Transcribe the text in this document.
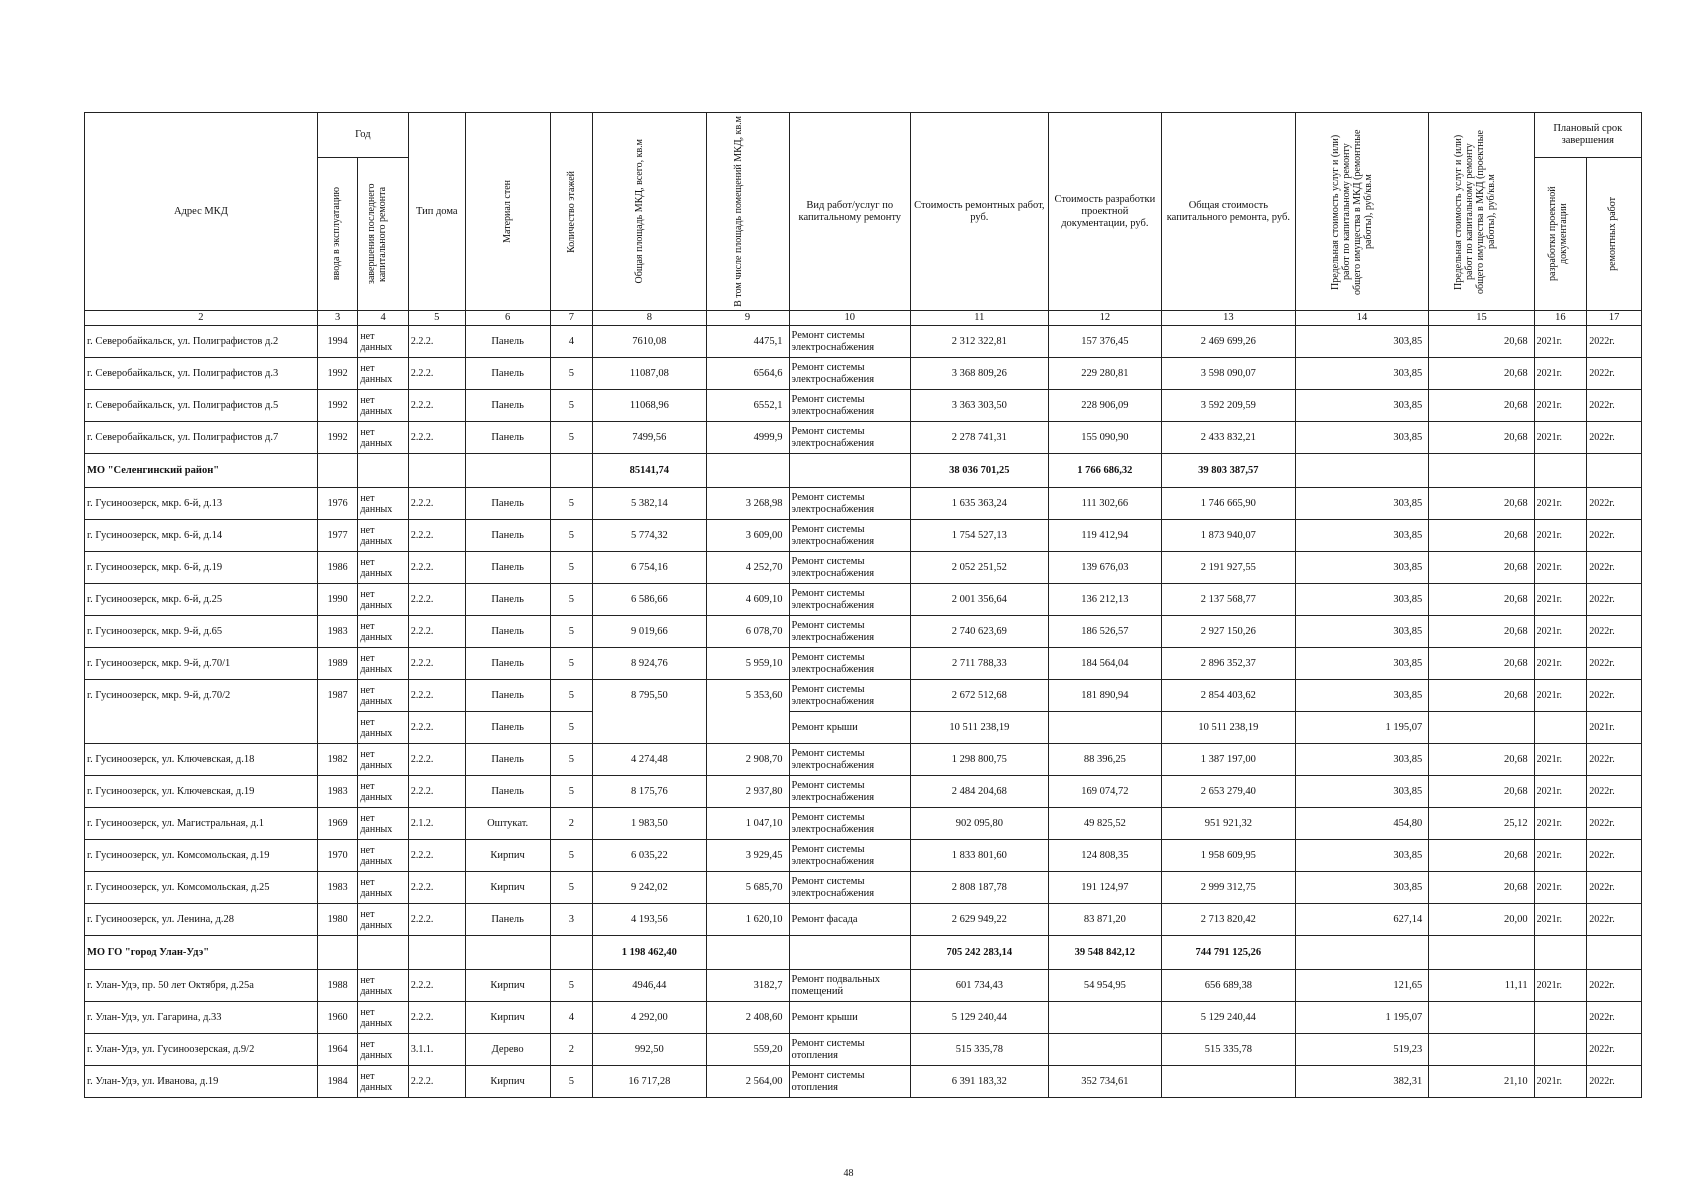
Адрес МКД	Год		Тип дома	Материал стен	Количество этажей	Общая площадь МКД, всего, кв.м	В том числе площадь помещений МКД, кв.м	Вид работ/услуг по капитальному ремонту	Стоимость ремонтных работ, руб.	Стоимость разработки проектной документации, руб.	Общая стоимость капитального ремонта, руб.	Предельная стоимость услуг и (или) работ по капитальному ремонту общего имущества в МКД (ремонтные работы), руб/кв.м	Предельная стоимость услуг и (или) работ по капитальному ремонту общего имущества в МКД (проектные работы), руб/кв.м	Плановый срок завершения	

	ввода в эксплуатацию	завершения последнего капитального ремонта												разработки проектной документации	ремонтных работ

2	3	4	5	6	7	8	9	10	11	12	13	14	15	16	17
г. Северобайкальск, ул. Полиграфистов д.2	1994	нет данных	2.2.2.	Панель	4	7610,08	4475,1	Ремонт системы электроснабжения	2 312 322,81	157 376,45	2 469 699,26	303,85	20,68	2021г.	2022г.
г. Северобайкальск, ул. Полиграфистов д.3	1992	нет данных	2.2.2.	Панель	5	11087,08	6564,6	Ремонт системы электроснабжения	3 368 809,26	229 280,81	3 598 090,07	303,85	20,68	2021г.	2022г.
г. Северобайкальск, ул. Полиграфистов д.5	1992	нет данных	2.2.2.	Панель	5	11068,96	6552,1	Ремонт системы электроснабжения	3 363 303,50	228 906,09	3 592 209,59	303,85	20,68	2021г.	2022г.
г. Северобайкальск, ул. Полиграфистов д.7	1992	нет данных	2.2.2.	Панель	5	7499,56	4999,9	Ремонт системы электроснабжения	2 278 741,31	155 090,90	2 433 832,21	303,85	20,68	2021г.	2022г.
МО "Селенгинский район"						85141,74			38 036 701,25	1 766 686,32	39 803 387,57				
г. Гусиноозерск, мкр. 6-й, д.13	1976	нет данных	2.2.2.	Панель	5	5 382,14	3 268,98	Ремонт системы электроснабжения	1 635 363,24	111 302,66	1 746 665,90	303,85	20,68	2021г.	2022г.
г. Гусиноозерск, мкр. 6-й, д.14	1977	нет данных	2.2.2.	Панель	5	5 774,32	3 609,00	Ремонт системы электроснабжения	1 754 527,13	119 412,94	1 873 940,07	303,85	20,68	2021г.	2022г.
г. Гусиноозерск, мкр. 6-й, д.19	1986	нет данных	2.2.2.	Панель	5	6 754,16	4 252,70	Ремонт системы электроснабжения	2 052 251,52	139 676,03	2 191 927,55	303,85	20,68	2021г.	2022г.
г. Гусиноозерск, мкр. 6-й, д.25	1990	нет данных	2.2.2.	Панель	5	6 586,66	4 609,10	Ремонт системы электроснабжения	2 001 356,64	136 212,13	2 137 568,77	303,85	20,68	2021г.	2022г.
г. Гусиноозерск, мкр. 9-й, д.65	1983	нет данных	2.2.2.	Панель	5	9 019,66	6 078,70	Ремонт системы электроснабжения	2 740 623,69	186 526,57	2 927 150,26	303,85	20,68	2021г.	2022г.
г. Гусиноозерск, мкр. 9-й, д.70/1	1989	нет данных	2.2.2.	Панель	5	8 924,76	5 959,10	Ремонт системы электроснабжения	2 711 788,33	184 564,04	2 896 352,37	303,85	20,68	2021г.	2022г.
г. Гусиноозерск, мкр. 9-й, д.70/2	1987	нет данных	2.2.2.	Панель	5	8 795,50	5 353,60	Ремонт системы электроснабжения	2 672 512,68	181 890,94	2 854 403,62	303,85	20,68	2021г.	2022г.
		нет данных	2.2.2.	Панель	5			Ремонт крыши	10 511 238,19		10 511 238,19	1 195,07			2021г.
г. Гусиноозерск, ул. Ключевская, д.18	1982	нет данных	2.2.2.	Панель	5	4 274,48	2 908,70	Ремонт системы электроснабжения	1 298 800,75	88 396,25	1 387 197,00	303,85	20,68	2021г.	2022г.
г. Гусиноозерск, ул. Ключевская, д.19	1983	нет данных	2.2.2.	Панель	5	8 175,76	2 937,80	Ремонт системы электроснабжения	2 484 204,68	169 074,72	2 653 279,40	303,85	20,68	2021г.	2022г.
г. Гусиноозерск, ул. Магистральная, д.1	1969	нет данных	2.1.2.	Оштукат.	2	1 983,50	1 047,10	Ремонт системы электроснабжения	902 095,80	49 825,52	951 921,32	454,80	25,12	2021г.	2022г.
г. Гусиноозерск, ул. Комсомольская, д.19	1970	нет данных	2.2.2.	Кирпич	5	6 035,22	3 929,45	Ремонт системы электроснабжения	1 833 801,60	124 808,35	1 958 609,95	303,85	20,68	2021г.	2022г.
г. Гусиноозерск, ул. Комсомольская, д.25	1983	нет данных	2.2.2.	Кирпич	5	9 242,02	5 685,70	Ремонт системы электроснабжения	2 808 187,78	191 124,97	2 999 312,75	303,85	20,68	2021г.	2022г.
г. Гусиноозерск, ул. Ленина, д.28	1980	нет данных	2.2.2.	Панель	3	4 193,56	1 620,10	Ремонт фасада	2 629 949,22	83 871,20	2 713 820,42	627,14	20,00	2021г.	2022г.
МО ГО "город Улан-Удэ"						1 198 462,40			705 242 283,14	39 548 842,12	744 791 125,26				
г. Улан-Удэ, пр. 50 лет Октября, д.25а	1988	нет данных	2.2.2.	Кирпич	5	4946,44	3182,7	Ремонт подвальных помещений	601 734,43	54 954,95	656 689,38	121,65	11,11	2021г.	2022г.
г. Улан-Удэ, ул. Гагарина, д.33	1960	нет данных	2.2.2.	Кирпич	4	4 292,00	2 408,60	Ремонт крыши	5 129 240,44		5 129 240,44	1 195,07			2022г.
г. Улан-Удэ, ул. Гусиноозерская, д.9/2	1964	нет данных	3.1.1.	Дерево	2	992,50	559,20	Ремонт системы отопления	515 335,78		515 335,78	519,23			2022г.
г. Улан-Удэ, ул. Иванова, д.19	1984	нет данных	2.2.2.	Кирпич	5	16 717,28	2 564,00	Ремонт системы отопления	6 391 183,32	352 734,61		382,31	21,10	2021г.	2022г.
48
